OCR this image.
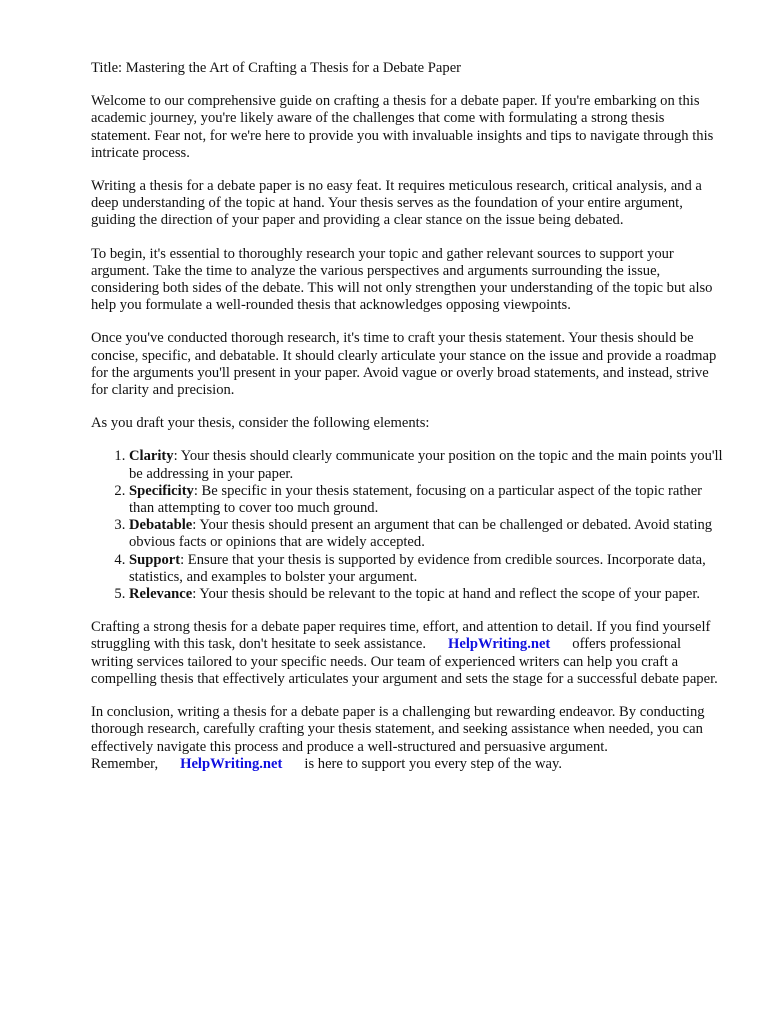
Title: Mastering the Art of Crafting a Thesis for a Debate Paper

Welcome to our comprehensive guide on crafting a thesis for a debate paper. If you're embarking on this academic journey, you're likely aware of the challenges that come with formulating a strong thesis statement. Fear not, for we're here to provide you with invaluable insights and tips to navigate through this intricate process.

Writing a thesis for a debate paper is no easy feat. It requires meticulous research, critical analysis, and a deep understanding of the topic at hand. Your thesis serves as the foundation of your entire argument, guiding the direction of your paper and providing a clear stance on the issue being debated.

To begin, it's essential to thoroughly research your topic and gather relevant sources to support your argument. Take the time to analyze the various perspectives and arguments surrounding the issue, considering both sides of the debate. This will not only strengthen your understanding of the topic but also help you formulate a well-rounded thesis that acknowledges opposing viewpoints.

Once you've conducted thorough research, it's time to craft your thesis statement. Your thesis should be concise, specific, and debatable. It should clearly articulate your stance on the issue and provide a roadmap for the arguments you'll present in your paper. Avoid vague or overly broad statements, and instead, strive for clarity and precision.

As you draft your thesis, consider the following elements:

1. Clarity: Your thesis should clearly communicate your position on the topic and the main points you'll be addressing in your paper.
2. Specificity: Be specific in your thesis statement, focusing on a particular aspect of the topic rather than attempting to cover too much ground.
3. Debatable: Your thesis should present an argument that can be challenged or debated. Avoid stating obvious facts or opinions that are widely accepted.
4. Support: Ensure that your thesis is supported by evidence from credible sources. Incorporate data, statistics, and examples to bolster your argument.
5. Relevance: Your thesis should be relevant to the topic at hand and reflect the scope of your paper.

Crafting a strong thesis for a debate paper requires time, effort, and attention to detail. If you find yourself struggling with this task, don't hesitate to seek assistance. HelpWriting.net offers professional writing services tailored to your specific needs. Our team of experienced writers can help you craft a compelling thesis that effectively articulates your argument and sets the stage for a successful debate paper.

In conclusion, writing a thesis for a debate paper is a challenging but rewarding endeavor. By conducting thorough research, carefully crafting your thesis statement, and seeking assistance when needed, you can effectively navigate this process and produce a well-structured and persuasive argument. Remember, HelpWriting.net is here to support you every step of the way.
